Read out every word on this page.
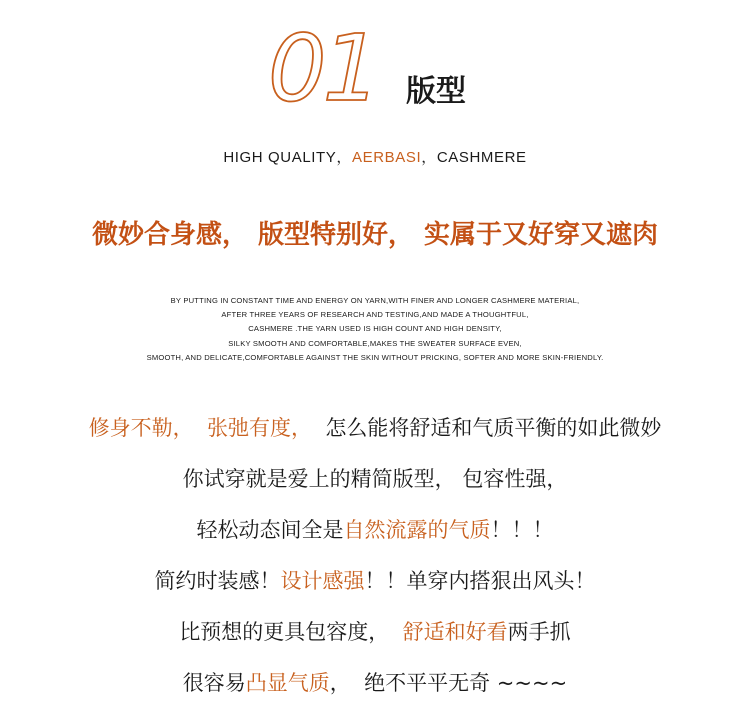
01 版型
HIGH QUALITY，AERBASI，CASHMERE
微妙合身感， 版型特别好， 实属于又好穿又遮肉
BY PUTTING IN CONSTANT TIME AND ENERGY ON YARN,WITH FINER AND LONGER CASHMERE MATERIAL,
AFTER THREE YEARS OF RESEARCH AND TESTING,AND MADE A THOUGHTFUL,
CASHMERE .THE YARN USED IS HIGH COUNT AND HIGH DENSITY,
SILKY SMOOTH AND COMFORTABLE,MAKES THE SWEATER SURFACE EVEN,
SMOOTH, AND DELICATE,COMFORTABLE AGAINST THE SKIN WITHOUT PRICKING, SOFTER AND MORE SKIN-FRIENDLY.
修身不勒， 张弛有度， 怎么能将舒适和气质平衡的如此微妙
你试穿就是爱上的精简版型， 包容性强，
轻松动态间全是自然流露的气质！！！
简约时装感！设计感强！！单穿内搭狠出风头！
比预想的更具包容度，  舒适和好看两手抓
很容易凸显气质，  绝不平平无奇 ~~~~
